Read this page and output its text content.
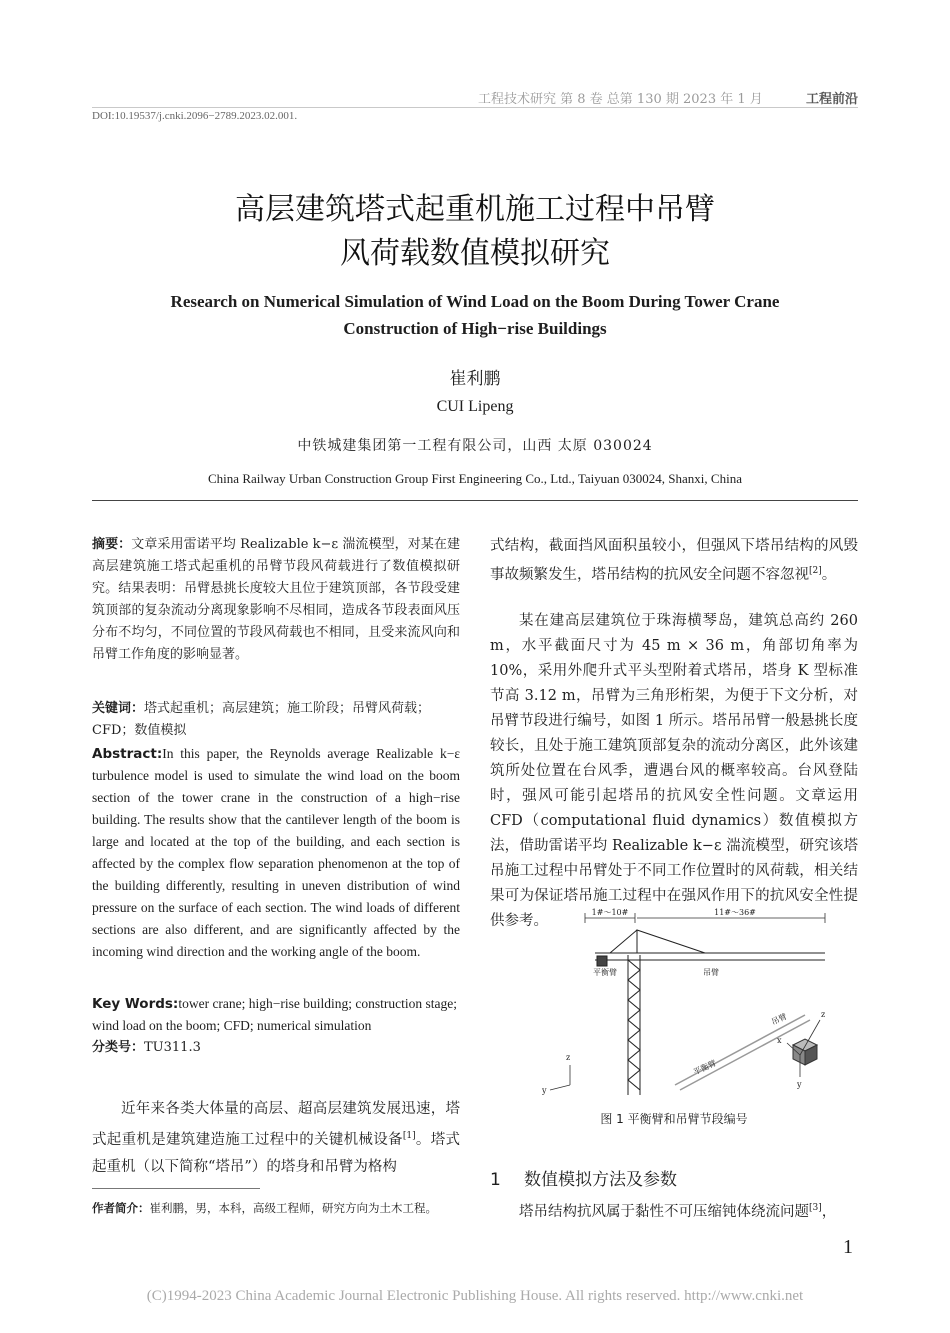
工程技术研究 第 8 卷 总第 130 期 2023 年 1 月	工程前沿
DOI:10.19537/j.cnki.2096−2789.2023.02.001.
高层建筑塔式起重机施工过程中吊臂
风荷载数值模拟研究
Research on Numerical Simulation of Wind Load on the Boom During Tower Crane
Construction of High−rise Buildings
崔利鹏
CUI Lipeng
中铁城建集团第一工程有限公司，山西 太原 030024
China Railway Urban Construction Group First Engineering Co., Ltd., Taiyuan 030024, Shanxi, China
摘要：文章采用雷诺平均 Realizable k−ε 湍流模型，对某在建高层建筑施工塔式起重机的吊臂节段风荷载进行了数值模拟研究。结果表明：吊臂悬挑长度较大且位于建筑顶部，各节段受建筑顶部的复杂流动分离现象影响不尽相同，造成各节段表面风压分布不均匀，不同位置的节段风荷载也不相同，且受来流风向和吊臂工作角度的影响显著。
关键词：塔式起重机；高层建筑；施工阶段；吊臂风荷载；CFD；数值模拟
Abstract:In this paper, the Reynolds average Realizable k−ε turbulence model is used to simulate the wind load on the boom section of the tower crane in the construction of a high−rise building. The results show that the cantilever length of the boom is large and located at the top of the building, and each section is affected by the complex flow separation phenomenon at the top of the building differently, resulting in uneven distribution of wind pressure on the surface of each section. The wind loads of different sections are also different, and are significantly affected by the incoming wind direction and the working angle of the boom.
Key Words:tower crane; high−rise building; construction stage; wind load on the boom; CFD; numerical simulation
分类号：TU311.3
近年来各类大体量的高层、超高层建筑发展迅速，塔式起重机是建筑建造施工过程中的关键机械设备[1]。塔式起重机（以下简称“塔吊”）的塔身和吊臂为格构
作者简介：崔利鹏，男，本科，高级工程师，研究方向为土木工程。
式结构，截面挡风面积虽较小，但强风下塔吊结构的风毁事故频繁发生，塔吊结构的抗风安全问题不容忽视[2]。
某在建高层建筑位于珠海横琴岛，建筑总高约 260 m，水平截面尺寸为 45 m × 36 m，角部切角率为 10%，采用外爬升式平头型附着式塔吊，塔身 K 型标准节高 3.12 m，吊臂为三角形桁架，为便于下文分析，对吊臂节段进行编号，如图 1 所示。塔吊吊臂一般悬挑长度较长，且处于施工建筑顶部复杂的流动分离区，此外该建筑所处位置在台风季，遭遇台风的概率较高。台风登陆时，强风可能引起塔吊的抗风安全性问题。文章运用 CFD（computational fluid dynamics）数值模拟方法，借助雷诺平均 Realizable k−ε 湍流模型，研究该塔吊施工过程中吊臂处于不同工作位置时的风荷载，相关结果可为保证塔吊施工过程中在强风作用下的抗风安全性提供参考。
1#～10#	11#～36#
平衡臂	吊臂
吊臂
平衡臂
z
y
x
z
y
图 1 平衡臂和吊臂节段编号
1 数值模拟方法及参数
塔吊结构抗风属于黏性不可压缩钝体绕流问题[3]，
1
(C)1994-2023 China Academic Journal Electronic Publishing House. All rights reserved. http://www.cnki.net
